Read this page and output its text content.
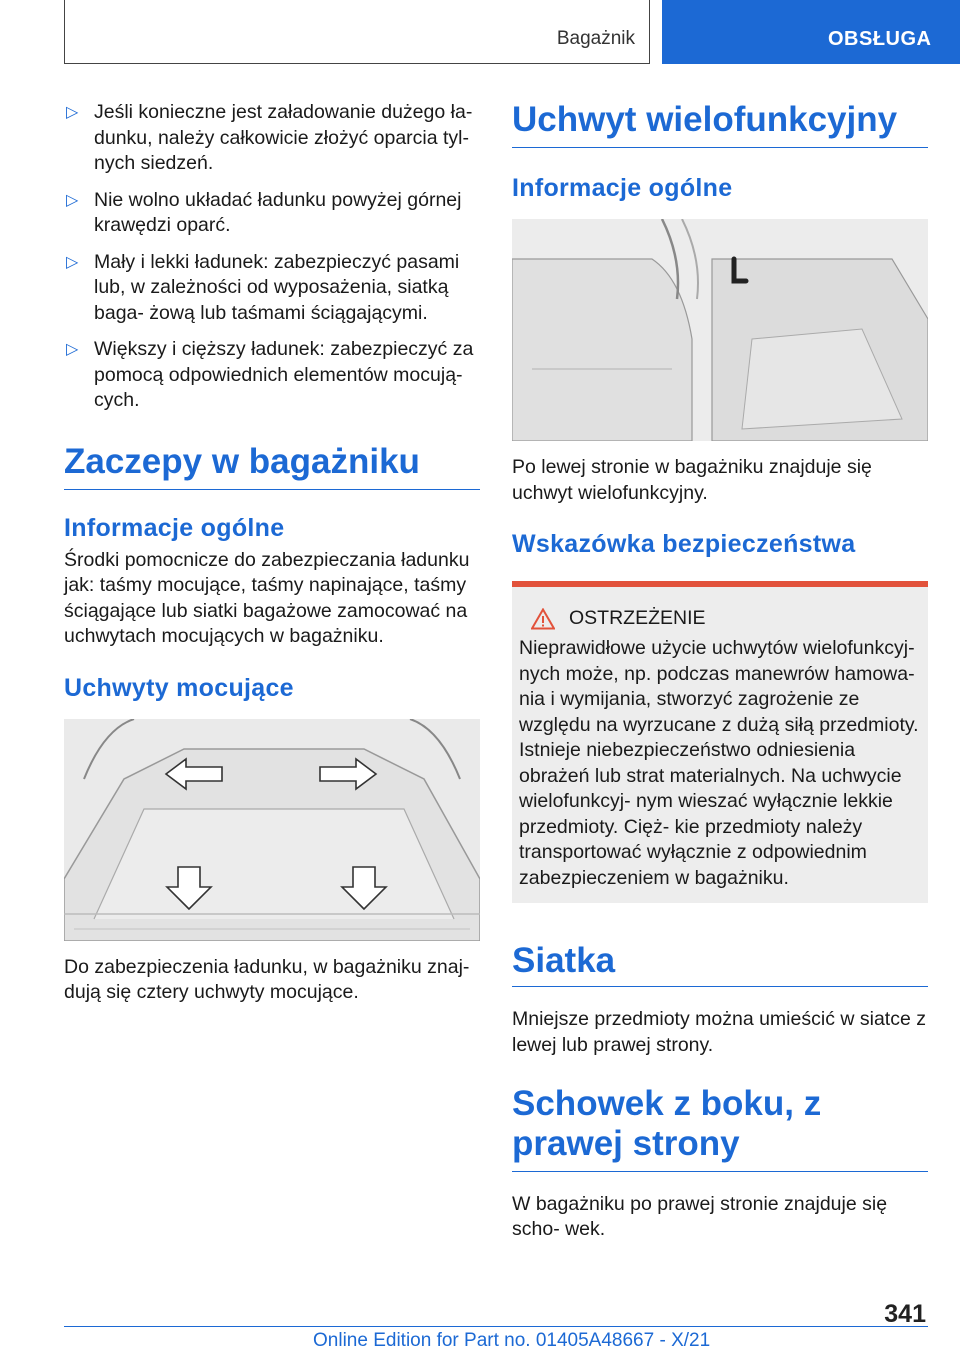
Bagażnik	OBSŁUGA
▷ Jeśli konieczne jest załadowanie dużego ła‐ dunku, należy całkowicie złożyć oparcia tyl‐ nych siedzeń.
▷ Nie wolno układać ładunku powyżej górnej krawędzi oparć.
▷ Mały i lekki ładunek: zabezpieczyć pasami lub, w zależności od wyposażenia, siatką baga‐ żową lub taśmami ściągającymi.
▷ Większy i cięższy ładunek: zabezpieczyć za pomocą odpowiednich elementów mocują‐ cych.
Zaczepy w bagażniku
Informacje ogólne

Środki pomocnicze do zabezpieczania ładunku jak: taśmy mocujące, taśmy napinające, taśmy ściągające lub siatki bagażowe zamocować na uchwytach mocujących w bagażniku.

Uchwyty mocujące

Do zabezpieczenia ładunku, w bagażniku znaj‐ dują się cztery uchwyty mocujące.

Uchwyt wielofunkcyjny
Informacje ogólne

Po lewej stronie w bagażniku znajduje się uchwyt wielofunkcyjny.

Wskazówka bezpieczeństwa
OSTRZEŻENIE

Nieprawidłowe użycie uchwytów wielofunkcyj‐ nych może, np. podczas manewrów hamowa‐ nia i wymijania, stworzyć zagrożenie ze względu na wyrzucane z dużą siłą przedmioty. Istnieje niebezpieczeństwo odniesienia obrażeń lub strat materialnych. Na uchwycie wielofunkcyj‐ nym wieszać wyłącznie lekkie przedmioty. Cięż‐ kie przedmioty należy transportować wyłącznie z odpowiednim zabezpieczeniem w bagażniku.

Siatka

Mniejsze przedmioty można umieścić w siatce z lewej lub prawej strony.

Schowek z boku, z prawej strony

W bagażniku po prawej stronie znajduje się scho‐ wek.

341
Online Edition for Part no. 01405A48667 - X/21
